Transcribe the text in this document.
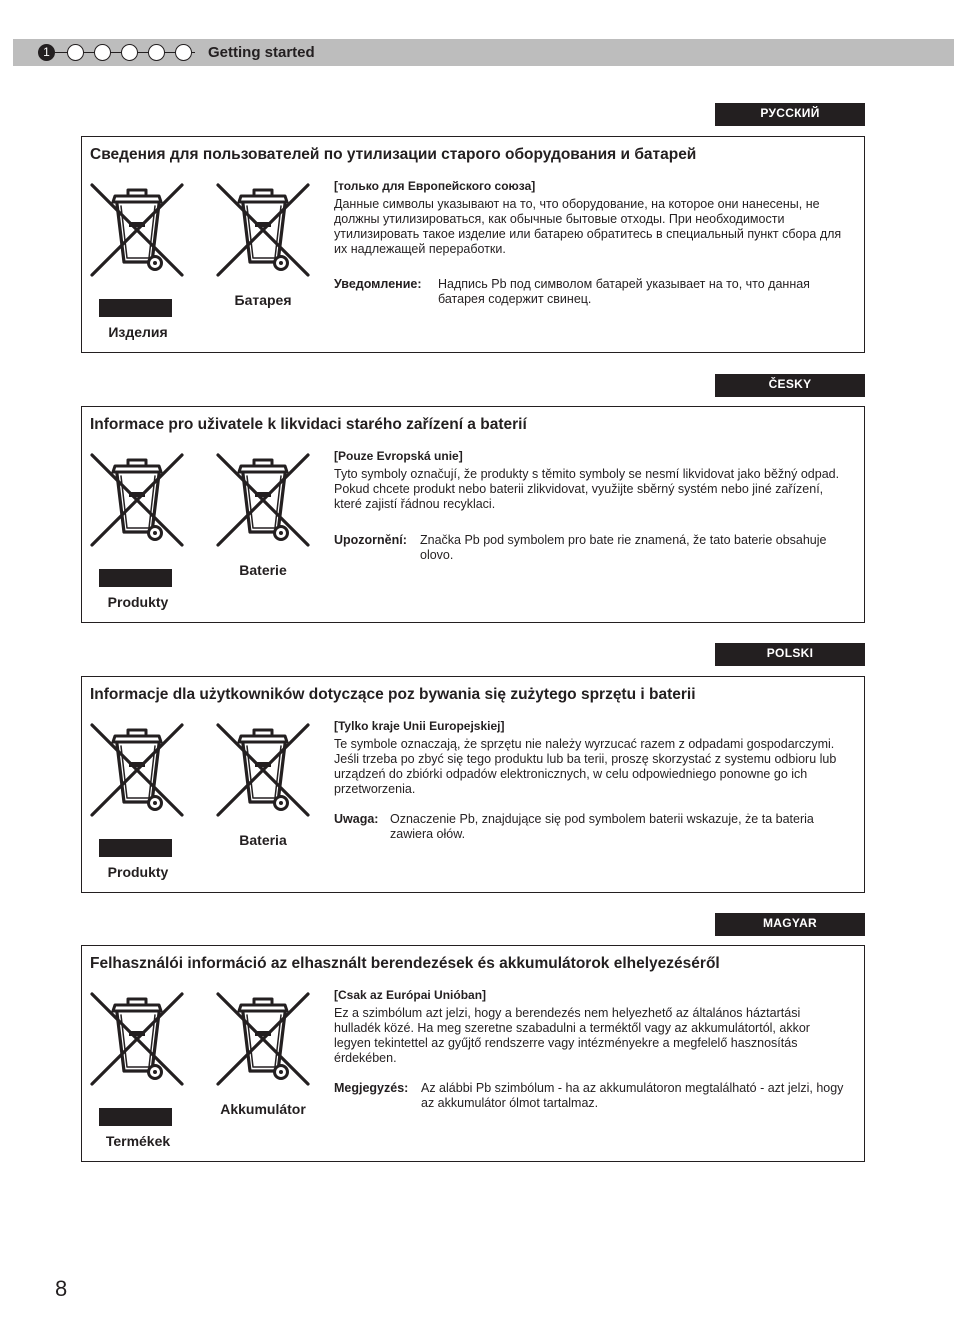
1	Getting started
РУССКИЙ
Сведения для пользователей по утилизации старого оборудования и батарей
Изделия
Батарея
[только для Европейского союза]
Данные символы указывают на то, что оборудование, на которое они нанесены, не должны утилизироваться, как обычные бытовые отходы. При необходимости утилизировать такое изделие или батарею обратитесь в специальный пункт сбора для их надлежащей переработки.
Уведомление:	Надпись Pb под символом батарей указывает на то, что данная батарея содержит свинец.
ČESKY
Informace pro uživatele k likvidaci starého zařízení a baterií
Produkty
Baterie
[Pouze Evropská unie]
Tyto symboly označují, že produkty s těmito symboly se nesmí likvidovat jako běžný odpad. Pokud chcete produkt nebo baterii zlikvidovat, využijte sběrný systém nebo jiné zařízení, které zajistí řádnou recyklaci.
Upozornění:	Značka Pb pod symbolem pro bate rie znamená, že tato baterie obsahuje olovo.
POLSKI
Informacje dla użytkowników dotyczące poz bywania się zużytego sprzętu i baterii
Produkty
Bateria
[Tylko kraje Unii Europejskiej]
Te symbole oznaczają, że sprzętu nie należy wyrzucać razem z odpadami gospodarczymi. Jeśli trzeba po zbyć się tego produktu lub ba terii, proszę skorzystać z systemu odbioru lub urządzeń do zbiórki odpadów elektronicznych, w celu odpowiedniego ponowne go ich przetworzenia.
Uwaga: Oznaczenie Pb, znajdujące się pod symbolem baterii wskazuje, że ta bateria zawiera ołów.
MAGYAR
Felhasználói információ az elhasznált berendezések és akkumulátorok elhelyezéséről
Termékek
Akkumulátor
[Csak az Európai Unióban]
Ez a szimbólum azt jelzi, hogy a berendezés nem helyezhető az általános háztartási hulladék közé. Ha meg szeretne szabadulni a terméktől vagy az akkumulátortól, akkor legyen tekintettel az gyűjtő rendszerre vagy intézményekre a megfelelő hasznosítás érdekében.
Megjegyzés:	Az alábbi Pb szimbólum - ha az akkumulátoron megtalálható - azt jelzi, hogy az akkumulátor ólmot tartalmaz.
8
